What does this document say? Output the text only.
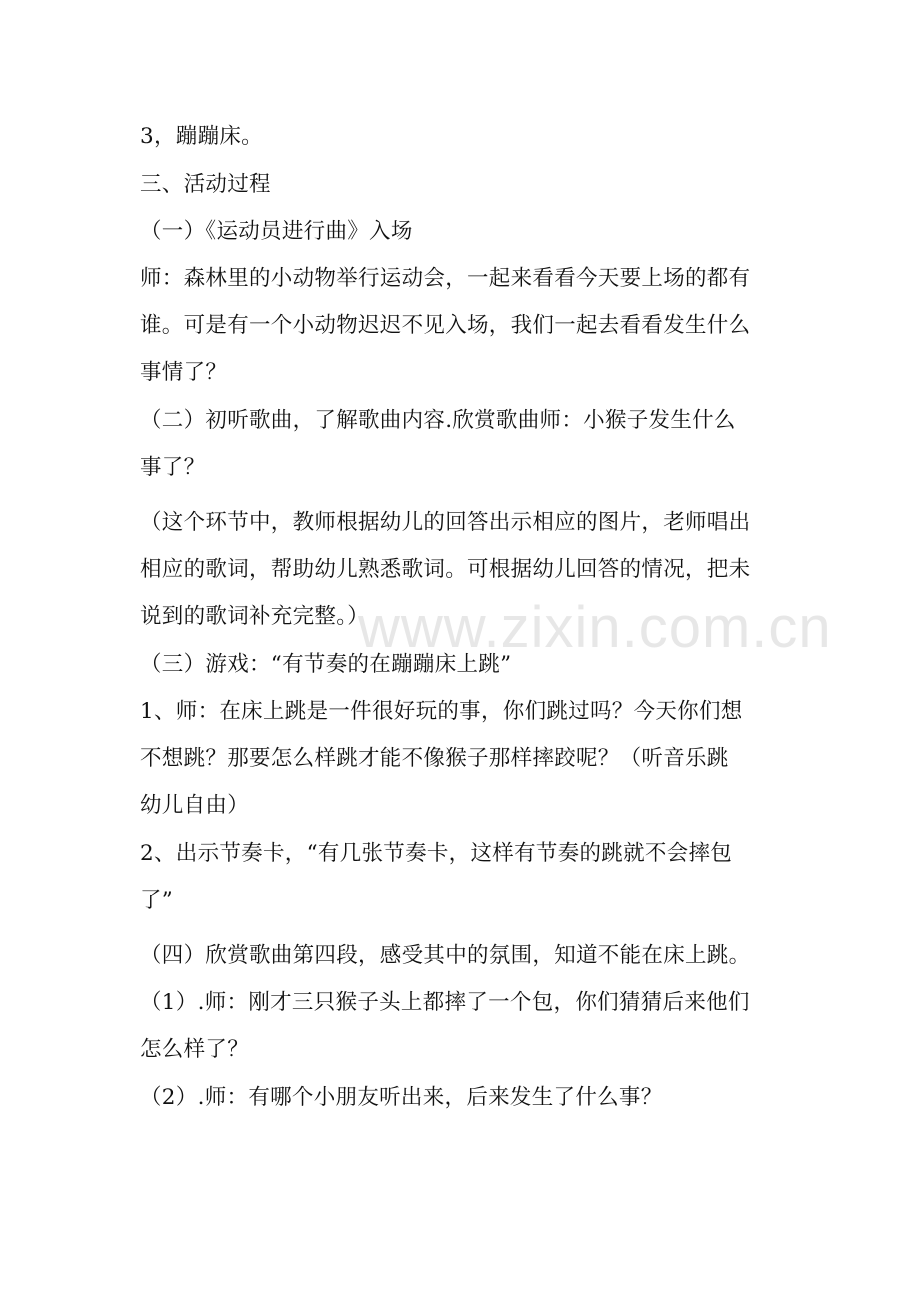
3，蹦蹦床。

三、活动过程

（一）《运动员进行曲》入场

师：森林里的小动物举行运动会，一起来看看今天要上场的都有

谁。可是有一个小动物迟迟不见入场，我们一起去看看发生什么

事情了？

（二）初听歌曲，了解歌曲内容.欣赏歌曲师：小猴子发生什么

事了？

（这个环节中，教师根据幼儿的回答出示相应的图片，老师唱出

相应的歌词，帮助幼儿熟悉歌词。可根据幼儿回答的情况，把未

说到的歌词补充完整。）

（三）游戏：“有节奏的在蹦蹦床上跳”

1、师：在床上跳是一件很好玩的事，你们跳过吗？今天你们想

不想跳？那要怎么样跳才能不像猴子那样摔跤呢？（听音乐跳

幼儿自由）

2、出示节奏卡，“有几张节奏卡，这样有节奏的跳就不会摔包

了”

（四）欣赏歌曲第四段，感受其中的氛围，知道不能在床上跳。

（1）.师：刚才三只猴子头上都摔了一个包，你们猜猜后来他们

怎么样了？

（2）.师：有哪个小朋友听出来，后来发生了什么事？

www.zixin.com.cn
